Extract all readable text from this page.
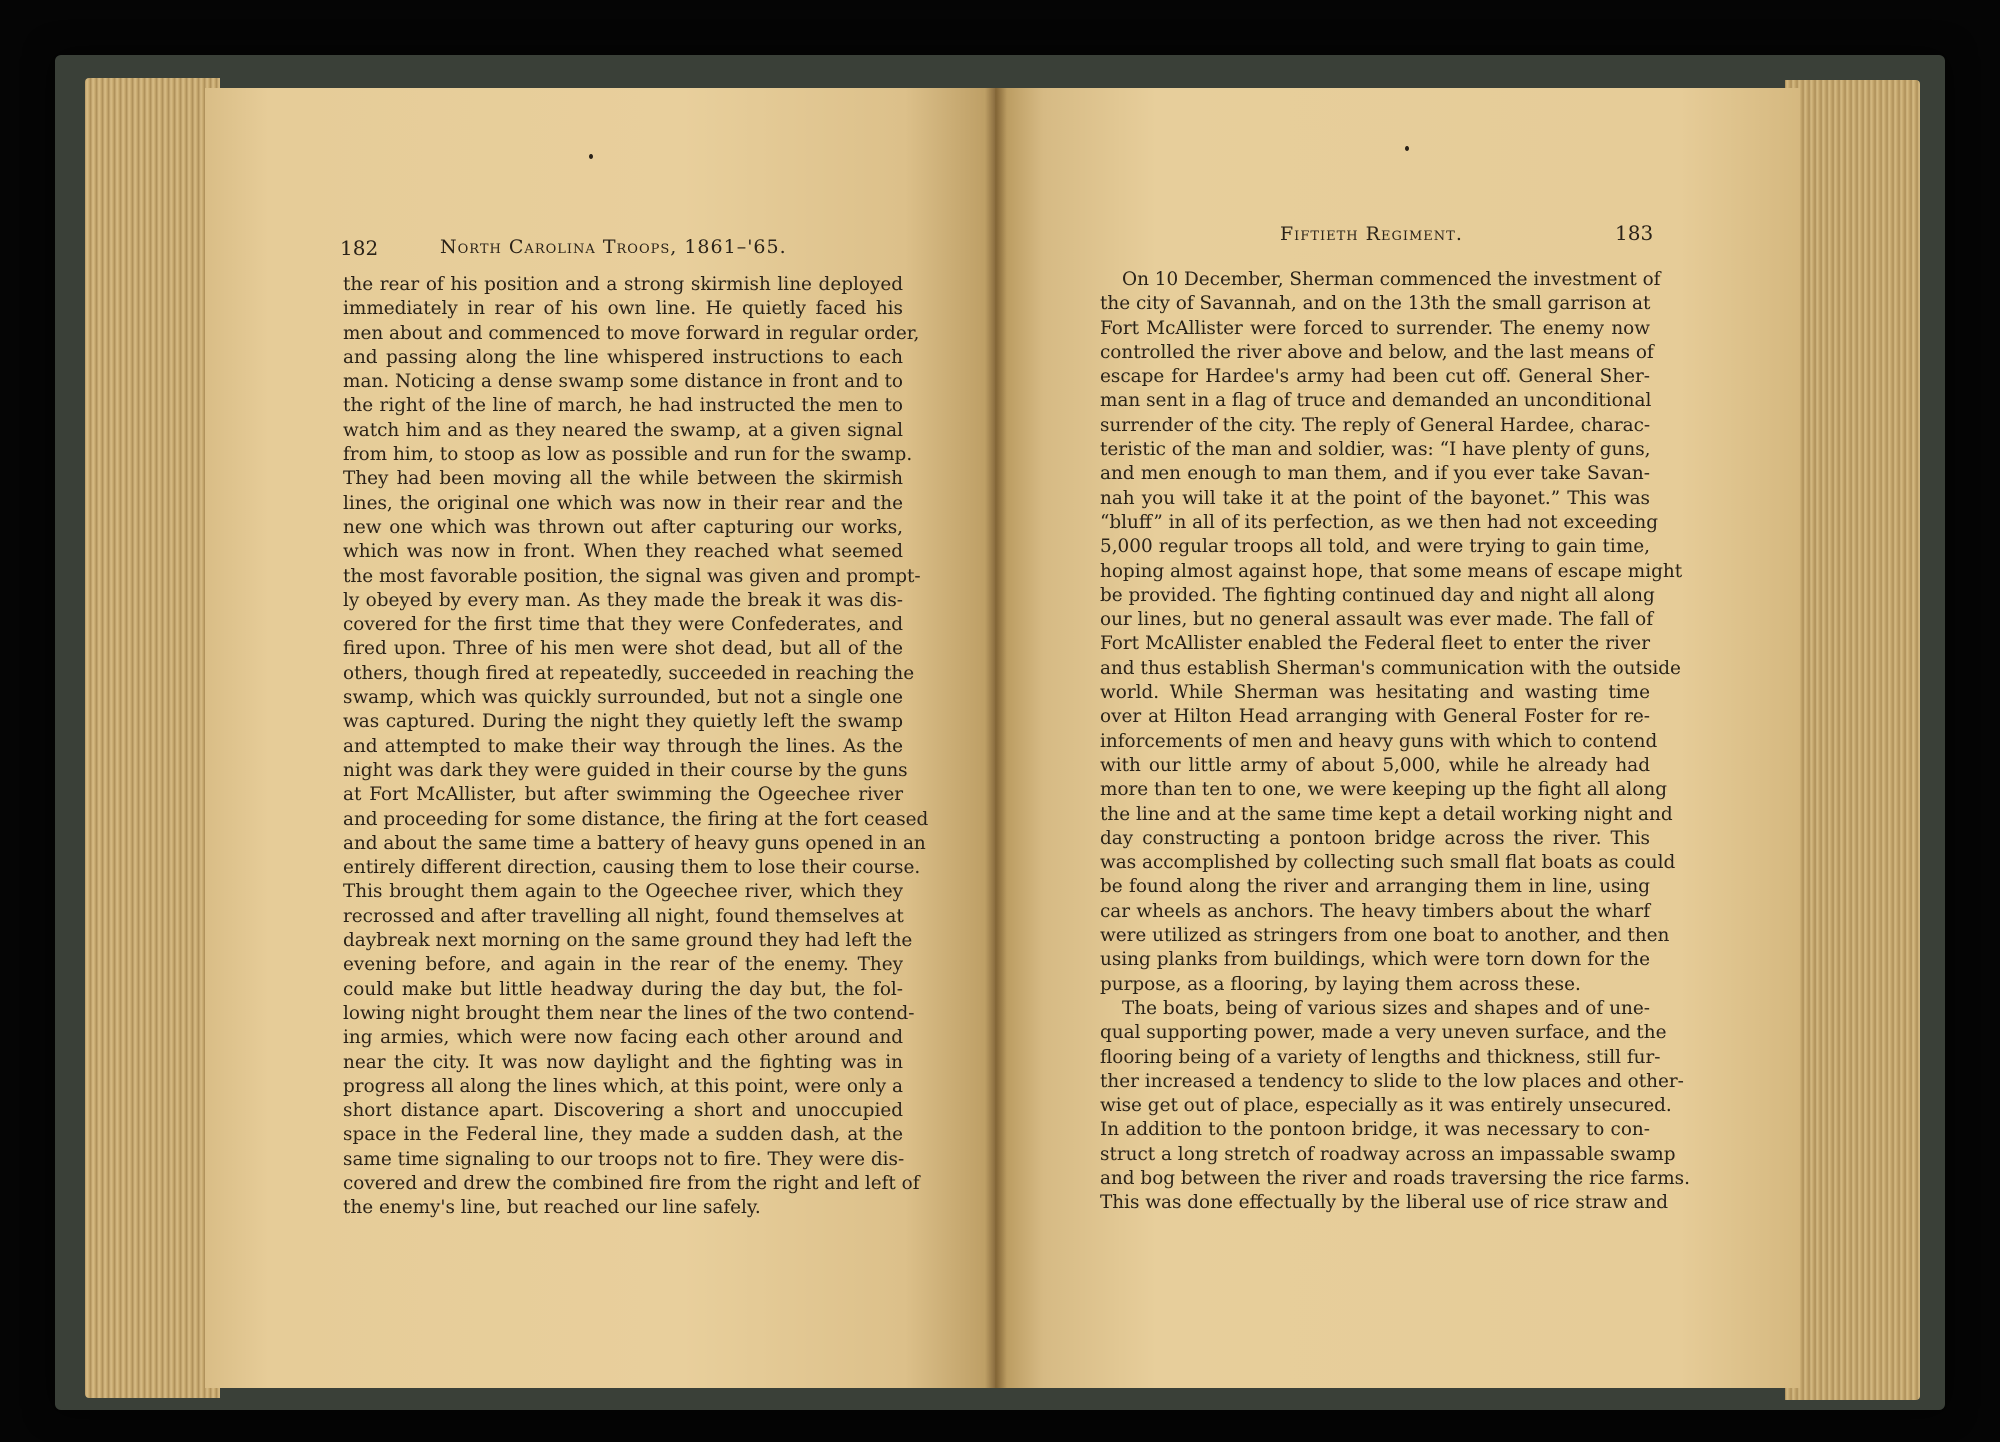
182	North Carolina Troops, 1861–'65.
the rear of his position and a strong skirmish line deployed
immediately in rear of his own line. He quietly faced his
men about and commenced to move forward in regular order,
and passing along the line whispered instructions to each
man. Noticing a dense swamp some distance in front and to
the right of the line of march, he had instructed the men to
watch him and as they neared the swamp, at a given signal
from him, to stoop as low as possible and run for the swamp.
They had been moving all the while between the skirmish
lines, the original one which was now in their rear and the
new one which was thrown out after capturing our works,
which was now in front. When they reached what seemed
the most favorable position, the signal was given and prompt-
ly obeyed by every man. As they made the break it was dis-
covered for the first time that they were Confederates, and
fired upon. Three of his men were shot dead, but all of the
others, though fired at repeatedly, succeeded in reaching the
swamp, which was quickly surrounded, but not a single one
was captured. During the night they quietly left the swamp
and attempted to make their way through the lines. As the
night was dark they were guided in their course by the guns
at Fort McAllister, but after swimming the Ogeechee river
and proceeding for some distance, the firing at the fort ceased
and about the same time a battery of heavy guns opened in an
entirely different direction, causing them to lose their course.
This brought them again to the Ogeechee river, which they
recrossed and after travelling all night, found themselves at
daybreak next morning on the same ground they had left the
evening before, and again in the rear of the enemy. They
could make but little headway during the day but, the fol-
lowing night brought them near the lines of the two contend-
ing armies, which were now facing each other around and
near the city. It was now daylight and the fighting was in
progress all along the lines which, at this point, were only a
short distance apart. Discovering a short and unoccupied
space in the Federal line, they made a sudden dash, at the
same time signaling to our troops not to fire. They were dis-
covered and drew the combined fire from the right and left of
the enemy's line, but reached our line safely.
Fiftieth Regiment.	183
On 10 December, Sherman commenced the investment of
the city of Savannah, and on the 13th the small garrison at
Fort McAllister were forced to surrender. The enemy now
controlled the river above and below, and the last means of
escape for Hardee's army had been cut off. General Sher-
man sent in a flag of truce and demanded an unconditional
surrender of the city. The reply of General Hardee, charac-
teristic of the man and soldier, was: “I have plenty of guns,
and men enough to man them, and if you ever take Savan-
nah you will take it at the point of the bayonet.” This was
“bluff” in all of its perfection, as we then had not exceeding
5,000 regular troops all told, and were trying to gain time,
hoping almost against hope, that some means of escape might
be provided. The fighting continued day and night all along
our lines, but no general assault was ever made. The fall of
Fort McAllister enabled the Federal fleet to enter the river
and thus establish Sherman's communication with the outside
world. While Sherman was hesitating and wasting time
over at Hilton Head arranging with General Foster for re-
inforcements of men and heavy guns with which to contend
with our little army of about 5,000, while he already had
more than ten to one, we were keeping up the fight all along
the line and at the same time kept a detail working night and
day constructing a pontoon bridge across the river. This
was accomplished by collecting such small flat boats as could
be found along the river and arranging them in line, using
car wheels as anchors. The heavy timbers about the wharf
were utilized as stringers from one boat to another, and then
using planks from buildings, which were torn down for the
purpose, as a flooring, by laying them across these.
The boats, being of various sizes and shapes and of une-
qual supporting power, made a very uneven surface, and the
flooring being of a variety of lengths and thickness, still fur-
ther increased a tendency to slide to the low places and other-
wise get out of place, especially as it was entirely unsecured.
In addition to the pontoon bridge, it was necessary to con-
struct a long stretch of roadway across an impassable swamp
and bog between the river and roads traversing the rice farms.
This was done effectually by the liberal use of rice straw and
